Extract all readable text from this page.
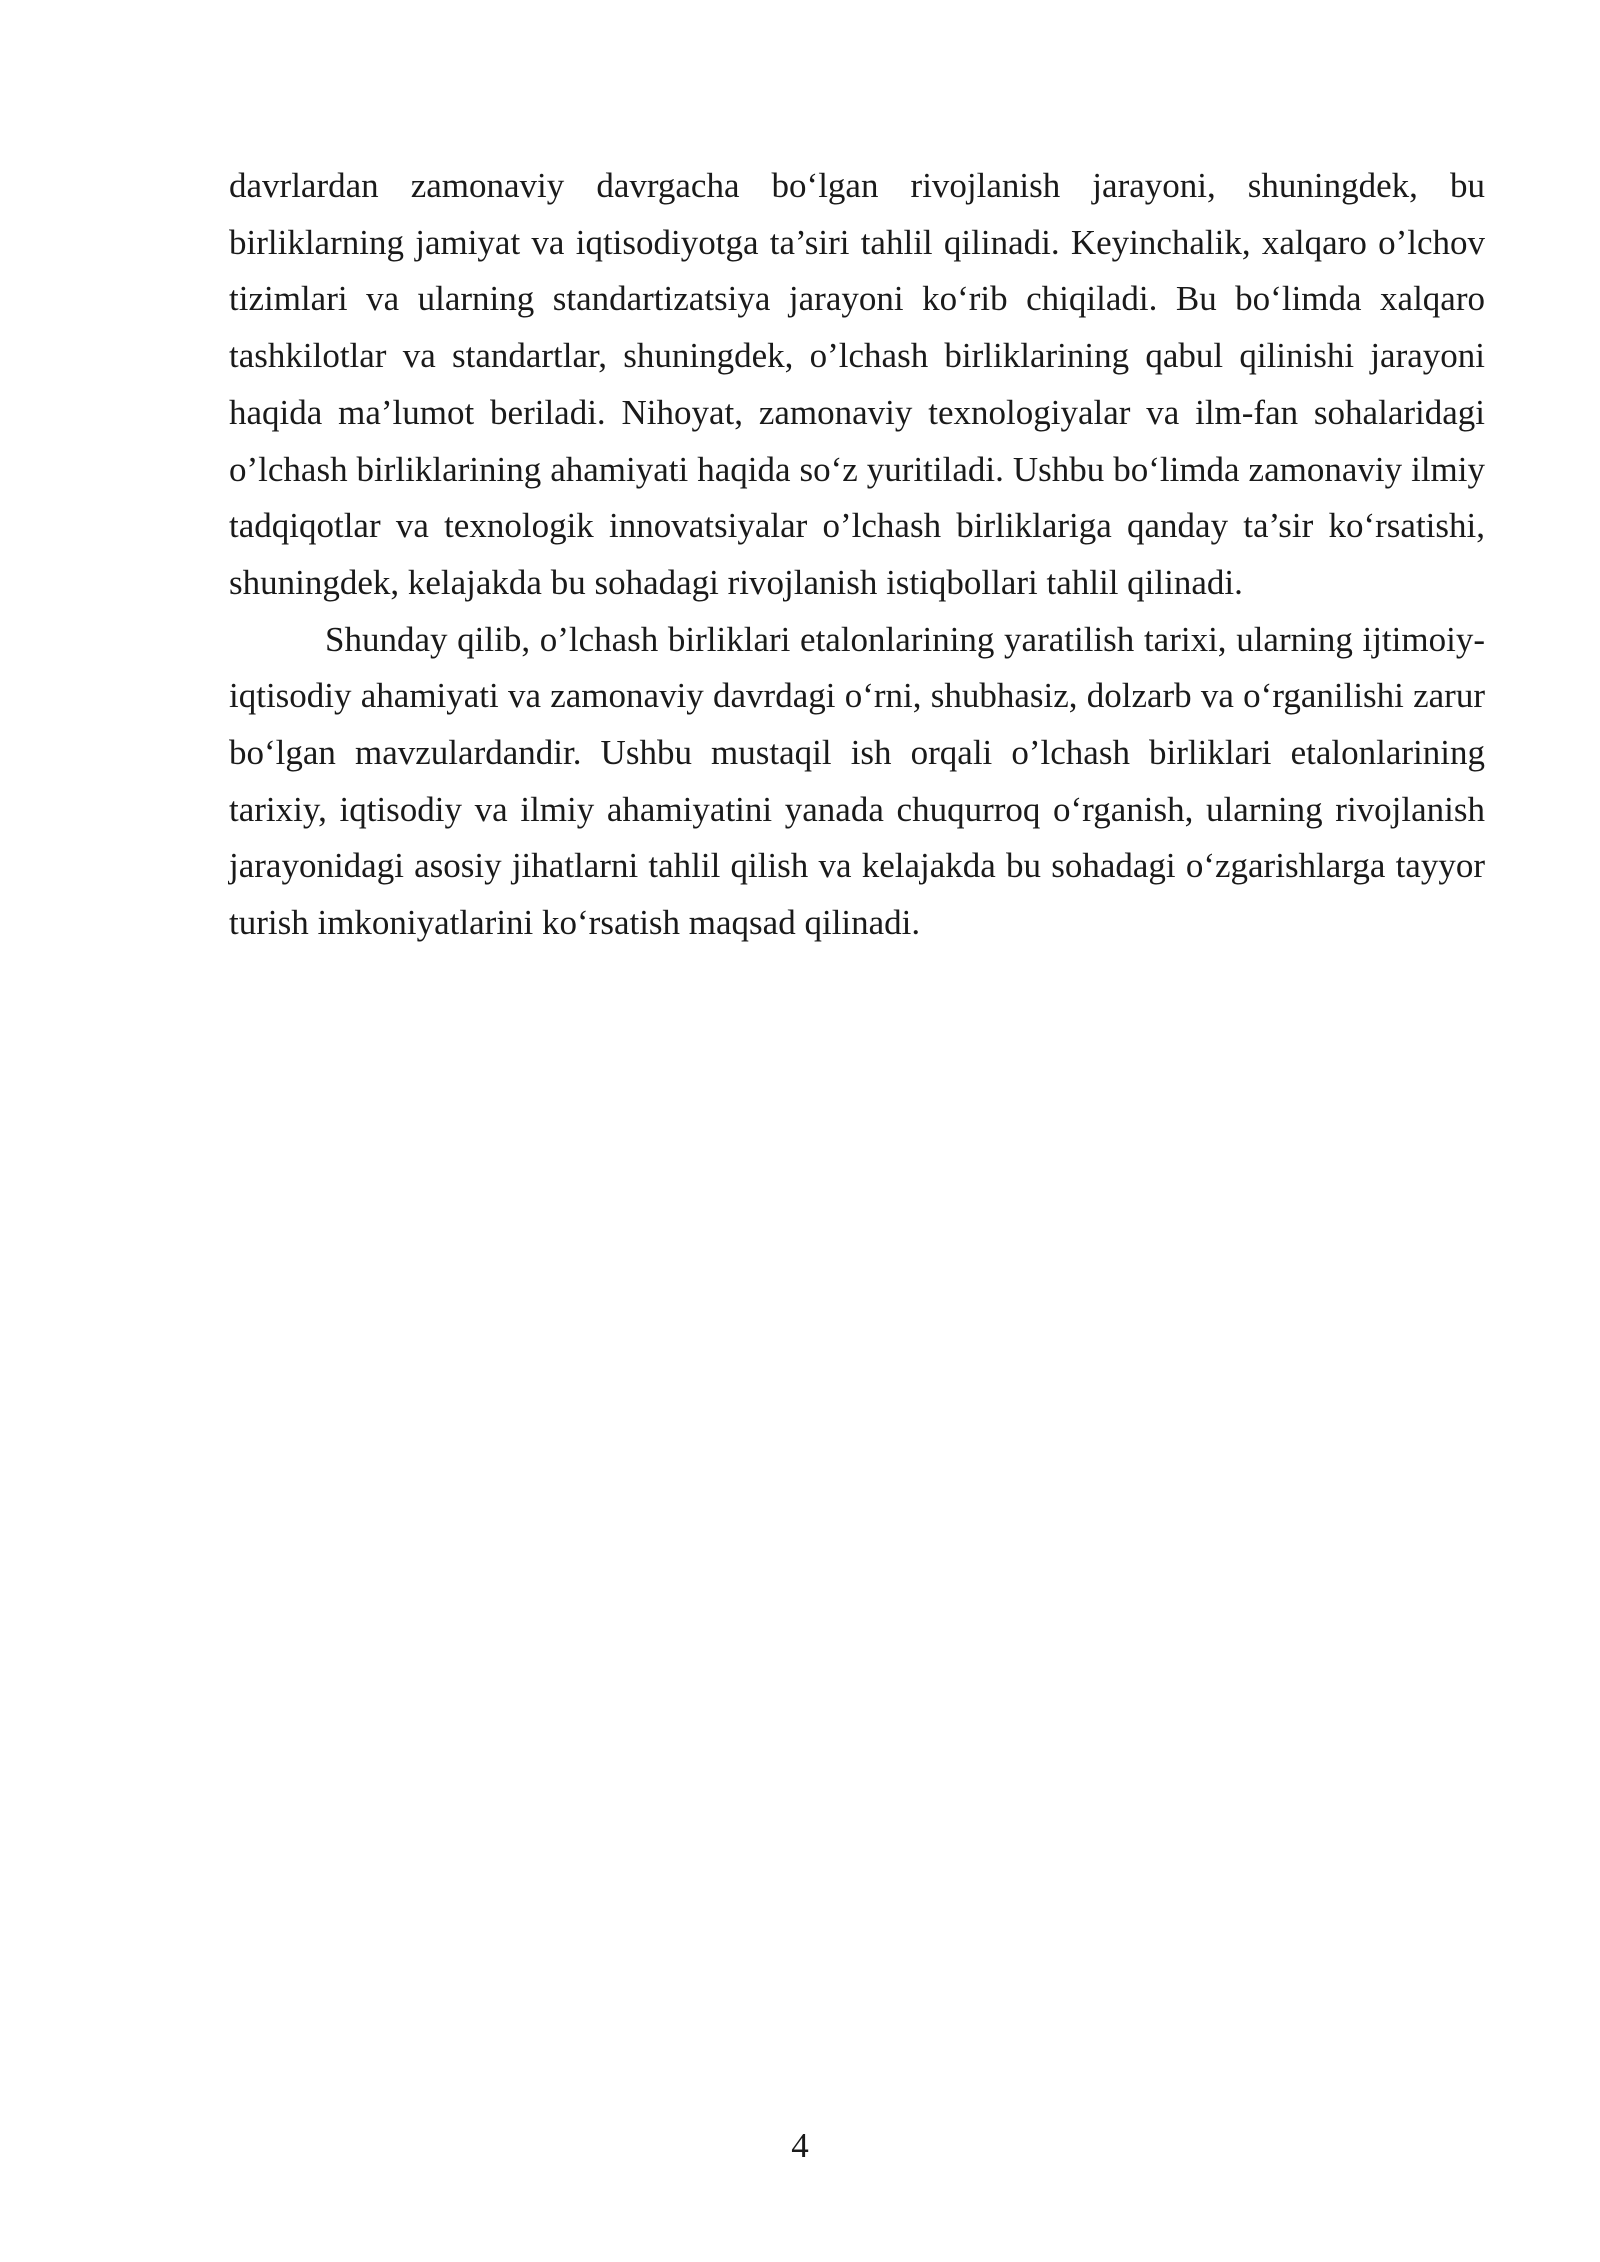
davrlardan zamonaviy davrgacha bo‘lgan rivojlanish jarayoni, shuningdek, bu birliklarning jamiyat va iqtisodiyotga ta’siri tahlil qilinadi. Keyinchalik, xalqaro o’lchov tizimlari va ularning standartizatsiya jarayoni ko‘rib chiqiladi. Bu bo‘limda xalqaro tashkilotlar va standartlar, shuningdek, o’lchash birliklarining qabul qilinishi jarayoni haqida ma’lumot beriladi. Nihoyat, zamonaviy texnologiyalar va ilm-fan sohalaridagi o’lchash birliklarining ahamiyati haqida so‘z yuritiladi. Ushbu bo‘limda zamonaviy ilmiy tadqiqotlar va texnologik innovatsiyalar o’lchash birliklariga qanday ta’sir ko‘rsatishi, shuningdek, kelajakda bu sohadagi rivojlanish istiqbollari tahlil qilinadi.

Shunday qilib, o’lchash birliklari etalonlarining yaratilish tarixi, ularning ijtimoiy-iqtisodiy ahamiyati va zamonaviy davrdagi o‘rni, shubhasiz, dolzarb va o‘rganilishi zarur bo‘lgan mavzulardandir. Ushbu mustaqil ish orqali o’lchash birliklari etalonlarining tarixiy, iqtisodiy va ilmiy ahamiyatini yanada chuqurroq o‘rganish, ularning rivojlanish jarayonidagi asosiy jihatlarni tahlil qilish va kelajakda bu sohadagi o‘zgarishlarga tayyor turish imkoniyatlarini ko‘rsatish maqsad qilinadi.

4
